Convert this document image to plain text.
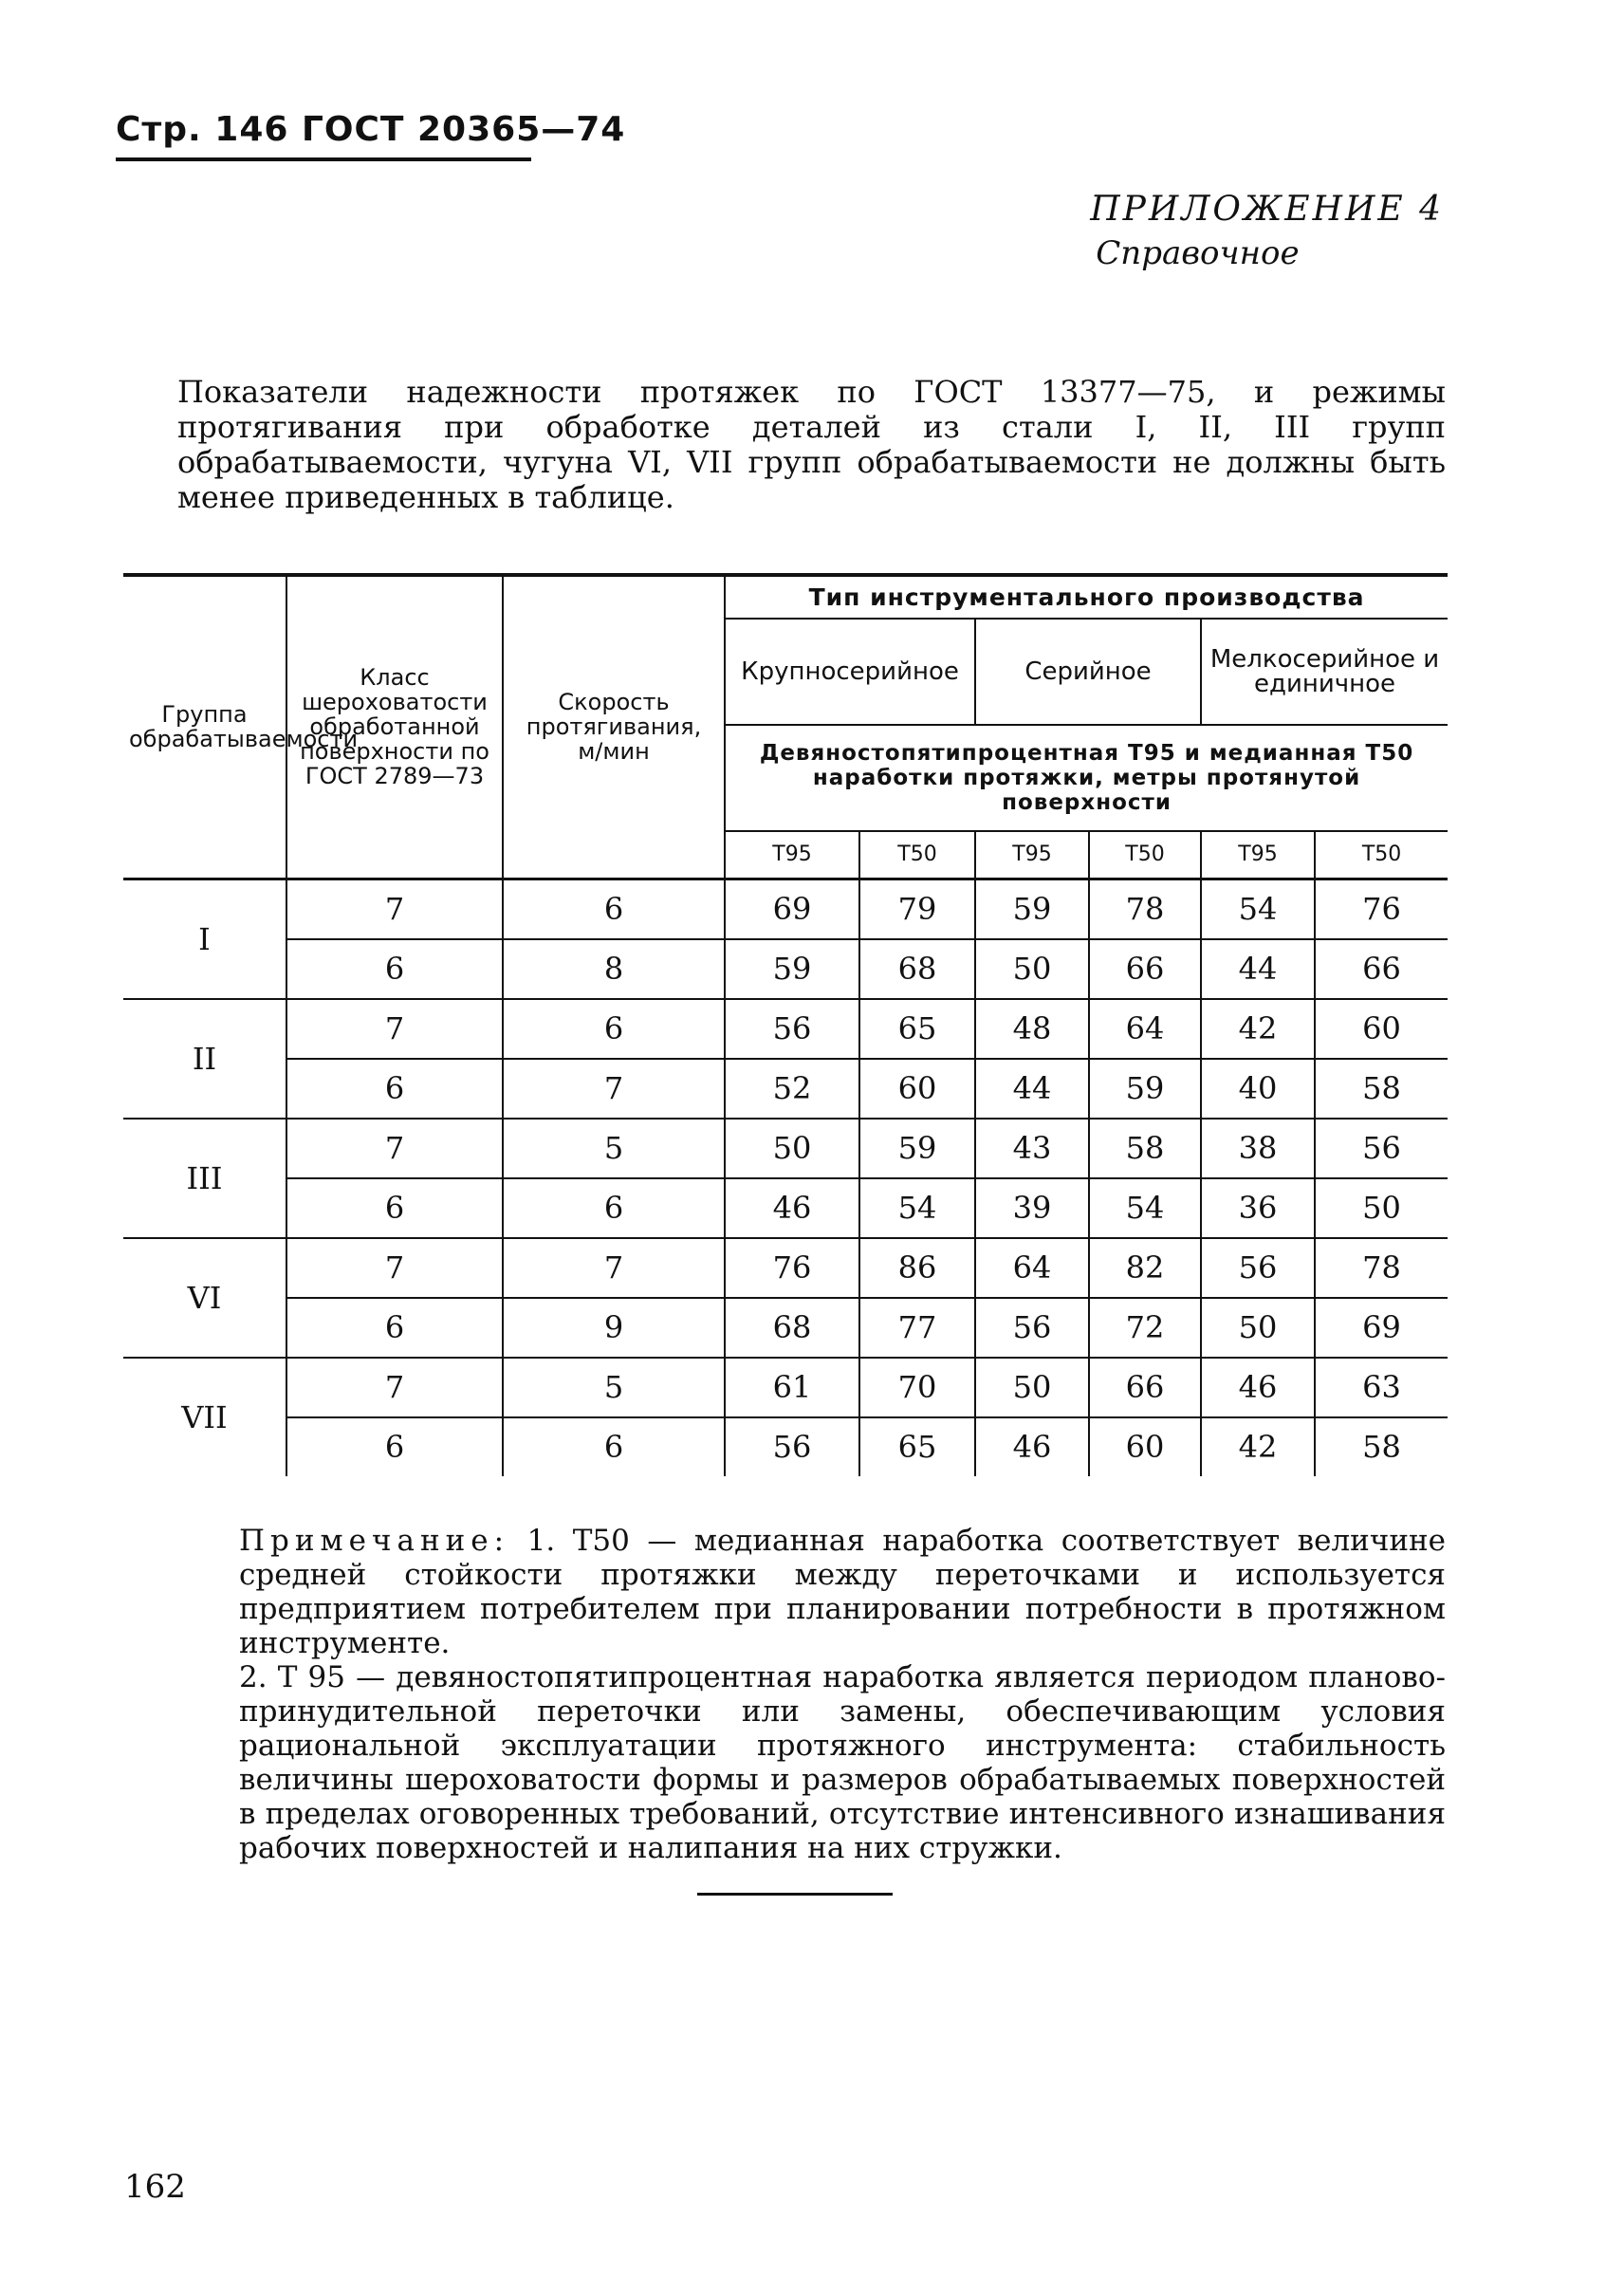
Стр. 146 ГОСТ 20365—74
ПРИЛОЖЕНИЕ 4
Справочное

Показатели надежности протяжек по ГОСТ 13377—75, и режимы протягивания при обработке деталей из стали I, II, III групп обрабатываемости, чугуна VI, VII групп обрабатываемости не должны быть менее приведенных в таблице.

Группа обрабатываемости	Класс шероховатости обработанной поверхности по ГОСТ 2789—73	Скорость протягивания, м/мин	Тип инструментального производства					
			Крупносерийное		Серийное		Мелкосерийное и единичное	
			Девяностопятипроцентная T95 и медианная T50 наработки протяжки, метры протянутой поверхности					
			T95	T50	T95	T50	T95	T50
I	7	6	69	79	59	78	54	76
	6	8	59	68	50	66	44	66
II	7	6	56	65	48	64	42	60
	6	7	52	60	44	59	40	58
III	7	5	50	59	43	58	38	56
	6	6	46	54	39	54	36	50
VI	7	7	76	86	64	82	56	78
	6	9	68	77	56	72	50	69
VII	7	5	61	70	50	66	46	63
	6	6	56	65	46	60	42	58

Примечание: 1. T50 — медианная наработка соответствует величине средней стойкости протяжки между переточками и используется предприятием потребителем при планировании потребности в протяжном инструменте.

2. T 95 — девяностопятипроцентная наработка является периодом планово-принудительной переточки или замены, обеспечивающим условия рациональной эксплуатации протяжного инструмента: стабильность величины шероховатости формы и размеров обрабатываемых поверхностей в пределах оговоренных требований, отсутствие интенсивного изнашивания рабочих поверхностей и налипания на них стружки.

162
